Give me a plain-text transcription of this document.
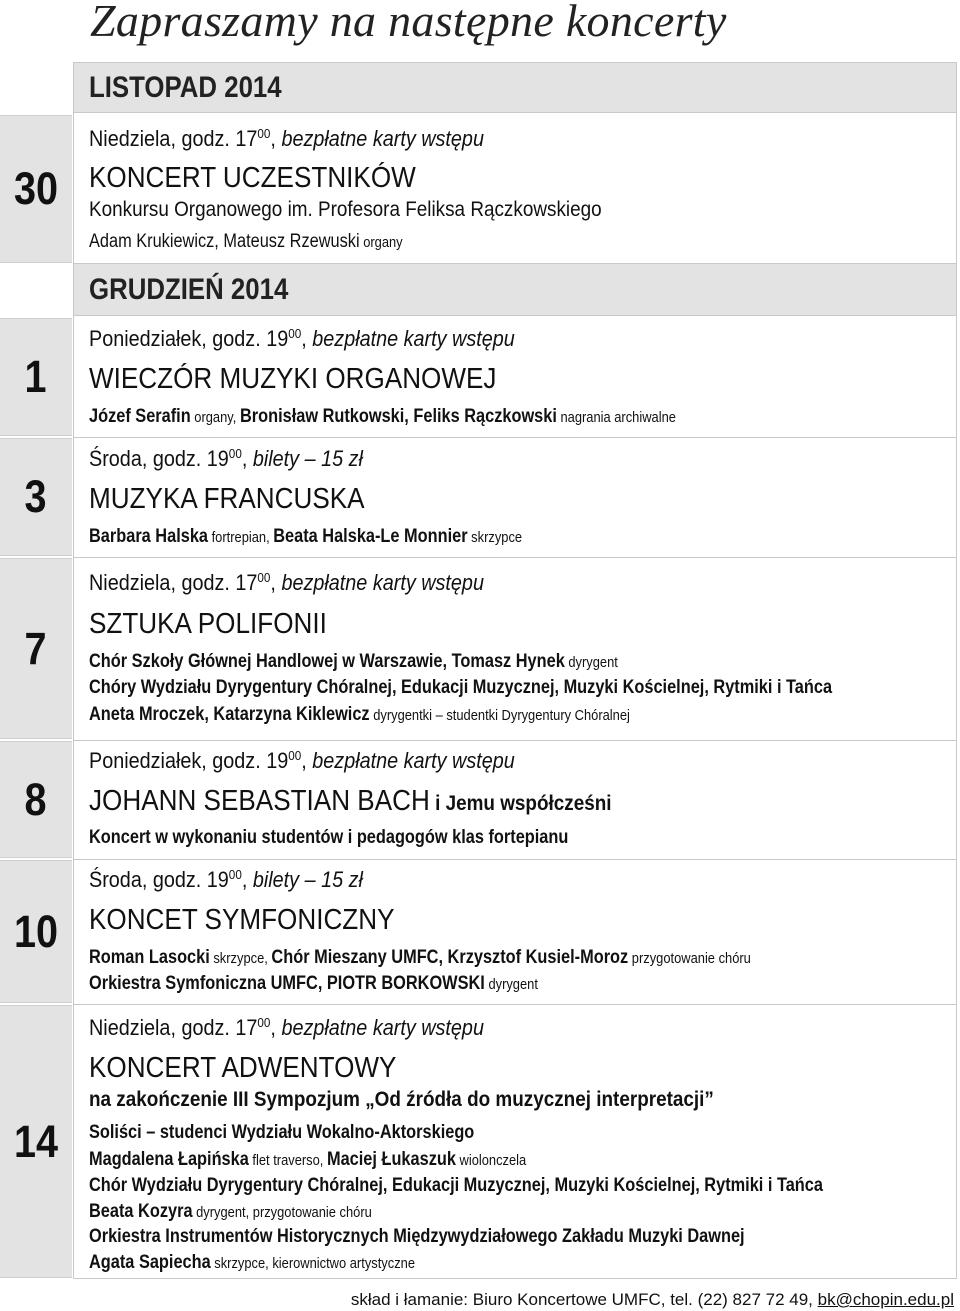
Zapraszamy na następne koncerty
LISTOPAD 2014
GRUDZIEŃ 2014
30
1
3
7
8
10
14
Niedziela, godz. $17^{00}$, bezpłatne karty wstępu
KONCERT UCZESTNIKÓW
Konkursu Organowego im. Profesora Feliksa Rączkowskiego
Adam Krukiewicz, Mateusz Rzewuski organy
Poniedziałek, godz. $19^{00}$, bezpłatne karty wstępu
WIECZÓR MUZYKI ORGANOWEJ
Józef Serafin organy, Bronisław Rutkowski, Feliks Rączkowski nagrania archiwalne
Środa, godz. $19^{00}$, bilety – 15 zł
MUZYKA FRANCUSKA
Barbara Halska fortrepian, Beata Halska-Le Monnier skrzypce
Niedziela, godz. $17^{00}$, bezpłatne karty wstępu
SZTUKA POLIFONII
Chór Szkoły Głównej Handlowej w Warszawie, Tomasz Hynek dyrygent
Chóry Wydziału Dyrygentury Chóralnej, Edukacji Muzycznej, Muzyki Kościelnej, Rytmiki i Tańca
Aneta Mroczek, Katarzyna Kiklewicz dyrygentki – studentki Dyrygentury Chóralnej
Poniedziałek, godz. $19^{00}$, bezpłatne karty wstępu
JOHANN SEBASTIAN BACH i Jemu współcześni
Koncert w wykonaniu studentów i pedagogów klas fortepianu
Środa, godz. $19^{00}$, bilety – 15 zł
KONCET SYMFONICZNY
Roman Lasocki skrzypce, Chór Mieszany UMFC, Krzysztof Kusiel-Moroz przygotowanie chóru
Orkiestra Symfoniczna UMFC, PIOTR BORKOWSKI dyrygent
Niedziela, godz. $17^{00}$, bezpłatne karty wstępu
KONCERT ADWENTOWY
na zakończenie III Sympozjum „Od źródła do muzycznej interpretacji”
Soliści – studenci Wydziału Wokalno-Aktorskiego
Magdalena Łapińska flet traverso, Maciej Łukaszuk wiolonczela
Chór Wydziału Dyrygentury Chóralnej, Edukacji Muzycznej, Muzyki Kościelnej, Rytmiki i Tańca
Beata Kozyra dyrygent, przygotowanie chóru
Orkiestra Instrumentów Historycznych Międzywydziałowego Zakładu Muzyki Dawnej
Agata Sapiecha skrzypce, kierownictwo artystyczne
skład i łamanie: Biuro Koncertowe UMFC, tel. (22) 827 72 49, bk@chopin.edu.pl
